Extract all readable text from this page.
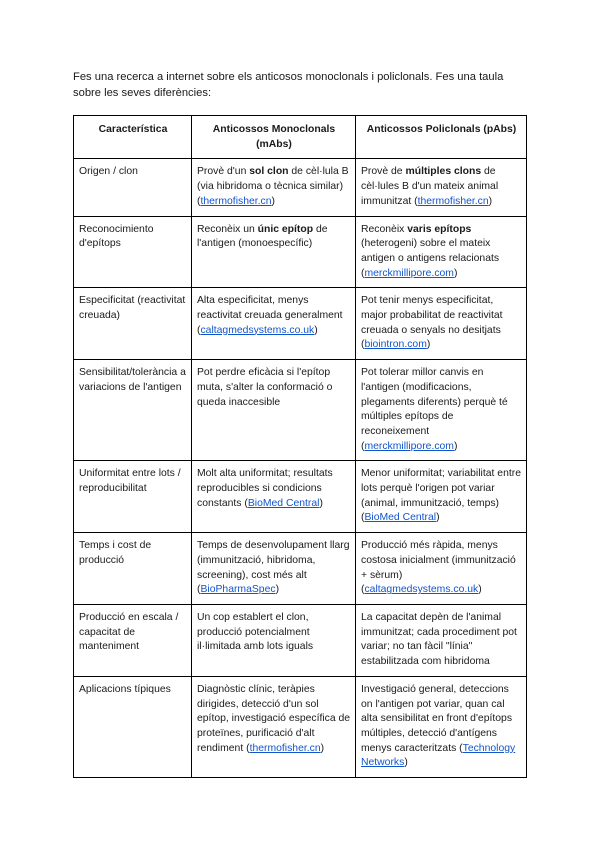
Fes una recerca a internet sobre els anticosos monoclonals i policlonals. Fes una taula sobre les seves diferències:
Característica	Anticossos Monoclonals (mAbs)	Anticossos Policlonals (pAbs)
Origen / clon	Provè d'un sol clon de cèl·lula B (via hibridoma o tècnica similar) (thermofisher.cn)	Provè de múltiples clons de cèl·lules B d'un mateix animal immunitzat (thermofisher.cn)
Reconocimiento d'epítops	Reconèix un únic epítop de l'antigen (monoespecífic)	Reconèix varis epítops (heterogeni) sobre el mateix antigen o antigens relacionats (merckmillipore.com)
Especificitat (reactivitat creuada)	Alta especificitat, menys reactivitat creuada generalment (caltagmedsystems.co.uk)	Pot tenir menys especificitat, major probabilitat de reactivitat creuada o senyals no desitjats (biointron.com)
Sensibilitat/tolerància a variacions de l'antigen	Pot perdre eficàcia si l'epítop muta, s'alter la conformació o queda inaccesible	Pot tolerar millor canvis en l'antigen (modificacions, plegaments diferents) perquè té múltiples epítops de reconeixement (merckmillipore.com)
Uniformitat entre lots / reproducibilitat	Molt alta uniformitat; resultats reproducibles si condicions constants (BioMed Central)	Menor uniformitat; variabilitat entre lots perquè l'origen pot variar (animal, immunització, temps) (BioMed Central)
Temps i cost de producció	Temps de desenvolupament llarg (immunització, hibridoma, screening), cost més alt (BioPharmaSpec)	Producció més ràpida, menys costosa inicialment (immunització + sèrum) (caltagmedsystems.co.uk)
Producció en escala / capacitat de manteniment	Un cop establert el clon, producció potencialment il·limitada amb lots iguals	La capacitat depèn de l'animal immunitzat; cada procediment pot variar; no tan fàcil "línia" estabilitzada com hibridoma
Aplicacions típiques	Diagnòstic clínic, teràpies dirigides, detecció d'un sol epítop, investigació específica de proteïnes, purificació d'alt rendiment (thermofisher.cn)	Investigació general, deteccions on l'antigen pot variar, quan cal alta sensibilitat en front d'epítops múltiples, detecció d'antígens menys caracteritzats (Technology Networks)
